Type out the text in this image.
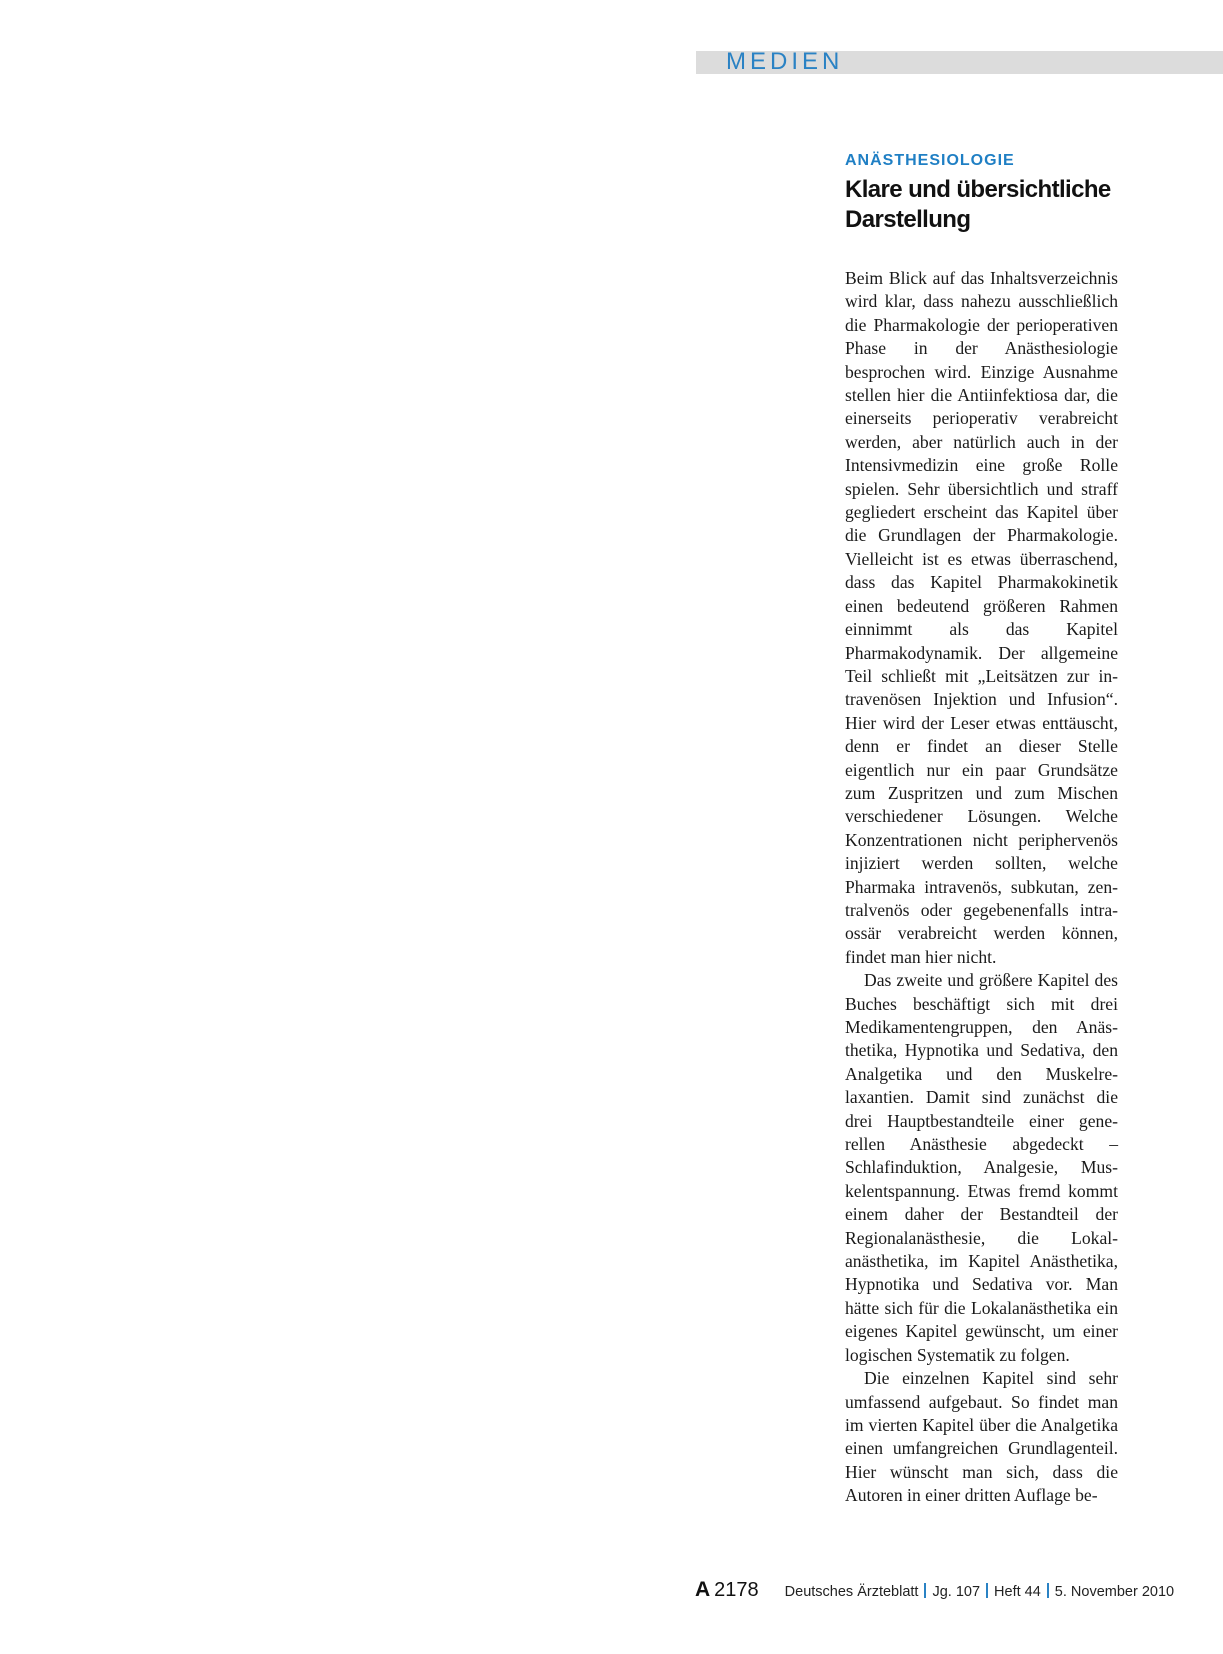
MEDIEN
ANÄSTHESIOLOGIE
Klare und übersichtliche Darstellung

Beim Blick auf das Inhaltsverzeichnis wird klar, dass nahezu ausschließlich die Pharmakologie der perioperativen Phase in der Anästhesiologie besprochen wird. Einzige Ausnahme stellen hier die Antiinfektiosa dar, die einerseits perioperativ verabreicht werden, aber natürlich auch in der Intensivmedizin eine große Rolle spielen. Sehr übersichtlich und straff gegliedert erscheint das Kapitel über die Grundlagen der Pharmakologie. Vielleicht ist es etwas überraschend, dass das Kapitel Pharmakokinetik einen bedeutend größeren Rahmen einnimmt als das Kapitel Pharmakodynamik. Der allgemeine Teil schließt mit „Leitsätzen zur intravenösen Injektion und Infusion“. Hier wird der Leser etwas enttäuscht, denn er findet an dieser Stelle eigentlich nur ein paar Grundsätze zum Zuspritzen und zum Mischen verschiedener Lösungen. Welche Konzentrationen nicht periphervenös injiziert werden sollten, welche Pharmaka intravenös, subkutan, zentralvenös oder gegebenenfalls intraossär verabreicht werden können, findet man hier nicht.

Das zweite und größere Kapitel des Buches beschäftigt sich mit drei Medikamentengruppen, den Anästhetika, Hypnotika und Sedativa, den Analgetika und den Muskelrelaxantien. Damit sind zunächst die drei Hauptbestandteile einer generellen Anästhesie abgedeckt – Schlafinduktion, Analgesie, Muskelentspannung. Etwas fremd kommt einem daher der Bestandteil der Regionalanästhesie, die Lokalanästhetika, im Kapitel Anästhetika, Hypnotika und Sedativa vor. Man hätte sich für die Lokalanästhetika ein eigenes Kapitel gewünscht, um einer logischen Systematik zu folgen.

Die einzelnen Kapitel sind sehr umfassend aufgebaut. So findet man im vierten Kapitel über die Analgetika einen umfangreichen Grundlagenteil. Hier wünscht man sich, dass die Autoren in einer dritten Auflage be-

A 2178 Deutsches Ärzteblatt Jg. 107 Heft 44 5. November 2010
